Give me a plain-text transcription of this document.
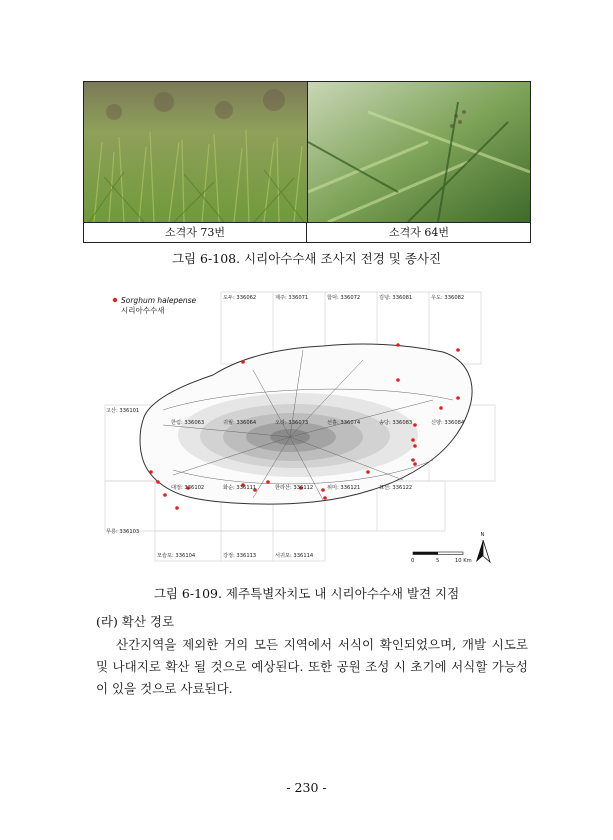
소격자 73번	소격자 64번
그림 6-108. 시리아수수새 조사지 전경 및 종사진
도두: 336062	제주: 336071	함덕: 336072	김녕: 336081	우도: 336082
고산: 336101
한림: 336063	귀월: 336064	오라: 336073	선흘: 336074	송당: 336083	신양: 336084
대정: 336102	화순: 336111	한라산: 336112	위미: 336121	표선: 336122
무릉: 336103
모슬포: 336104	강정: 336113	서귀포: 336114
Sorghum halepense
시리아수수새
N
0	5	10 Km
그림 6-109. 제주특별자치도 내 시리아수수새 발견 지점
(라) 확산 경로
산간지역을 제외한 거의 모든 지역에서 서식이 확인되었으며, 개발 시도로 및 나대지로 확산 될 것으로 예상된다. 또한 공원 조성 시 초기에 서식할 가능성이 있을 것으로 사료된다.
- 230 -
